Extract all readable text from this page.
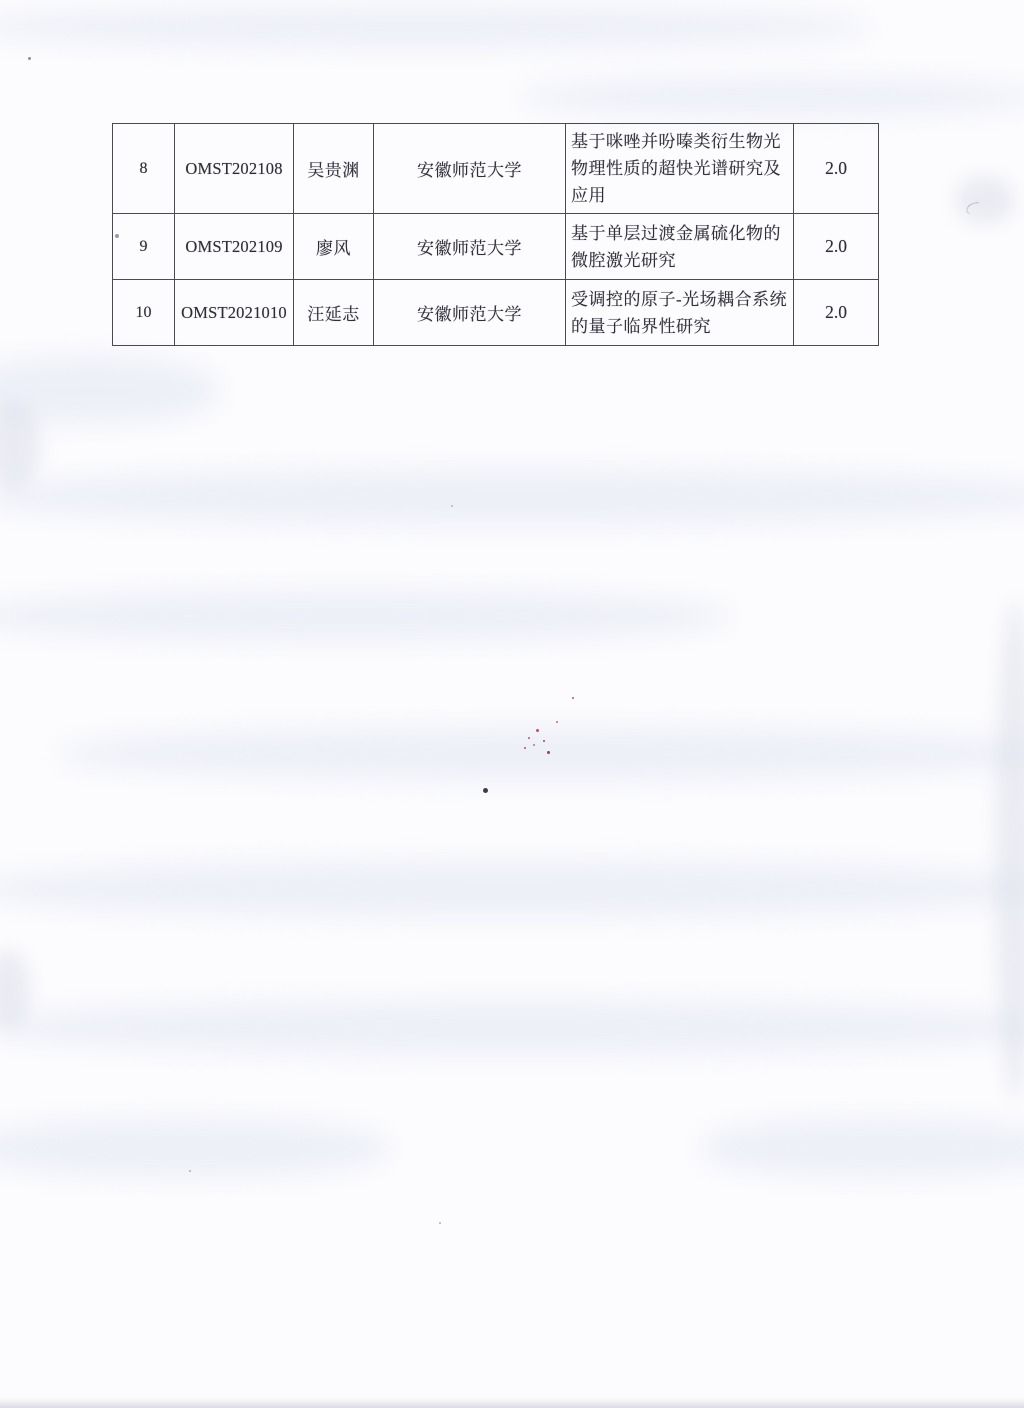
8	OMST202108	吴贵渊	安徽师范大学	基于咪唑并吩嗪类衍生物光物理性质的超快光谱研究及应用	2.0
9	OMST202109	廖风	安徽师范大学	基于单层过渡金属硫化物的微腔激光研究	2.0
10	OMST2021010	汪延志	安徽师范大学	受调控的原子-光场耦合系统的量子临界性研究	2.0
